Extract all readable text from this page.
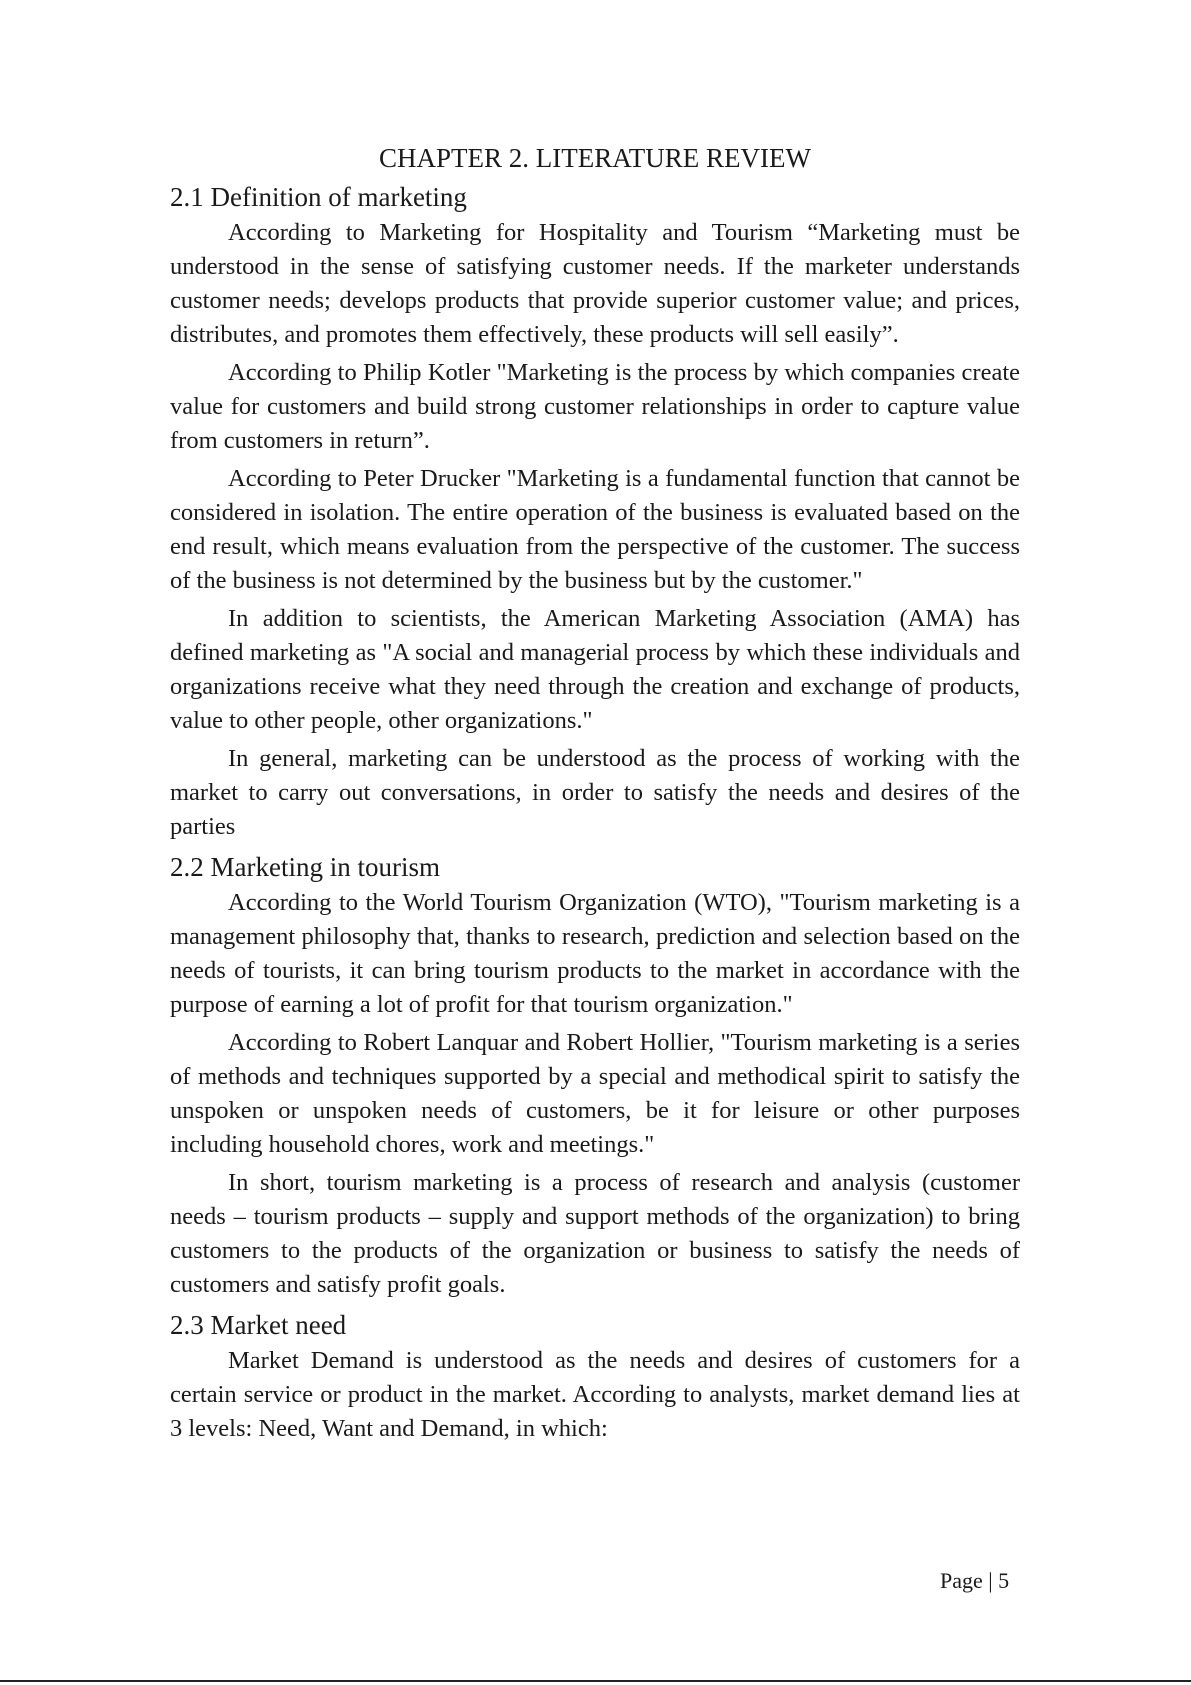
CHAPTER 2. LITERATURE REVIEW
2.1 Definition of marketing

According to Marketing for Hospitality and Tourism “Marketing must be understood in the sense of satisfying customer needs. If the marketer understands customer needs; develops products that provide superior customer value; and prices, distributes, and promotes them effectively, these products will sell easily”.

According to Philip Kotler "Marketing is the process by which companies create value for customers and build strong customer relationships in order to capture value from customers in return”.

According to Peter Drucker "Marketing is a fundamental function that cannot be considered in isolation. The entire operation of the business is evaluated based on the end result, which means evaluation from the perspective of the customer. The success of the business is not determined by the business but by the customer."

In addition to scientists, the American Marketing Association (AMA) has defined marketing as "A social and managerial process by which these individuals and organizations receive what they need through the creation and exchange of products, value to other people, other organizations."

In general, marketing can be understood as the process of working with the market to carry out conversations, in order to satisfy the needs and desires of the parties

2.2 Marketing in tourism

According to the World Tourism Organization (WTO), "Tourism marketing is a management philosophy that, thanks to research, prediction and selection based on the needs of tourists, it can bring tourism products to the market in accordance with the purpose of earning a lot of profit for that tourism organization."

According to Robert Lanquar and Robert Hollier, "Tourism marketing is a series of methods and techniques supported by a special and methodical spirit to satisfy the unspoken or unspoken needs of customers, be it for leisure or other purposes including household chores, work and meetings."

In short, tourism marketing is a process of research and analysis (customer needs – tourism products – supply and support methods of the organization) to bring customers to the products of the organization or business to satisfy the needs of customers and satisfy profit goals.

2.3 Market need

Market Demand is understood as the needs and desires of customers for a certain service or product in the market. According to analysts, market demand lies at 3 levels: Need, Want and Demand, in which:

Page | 5
